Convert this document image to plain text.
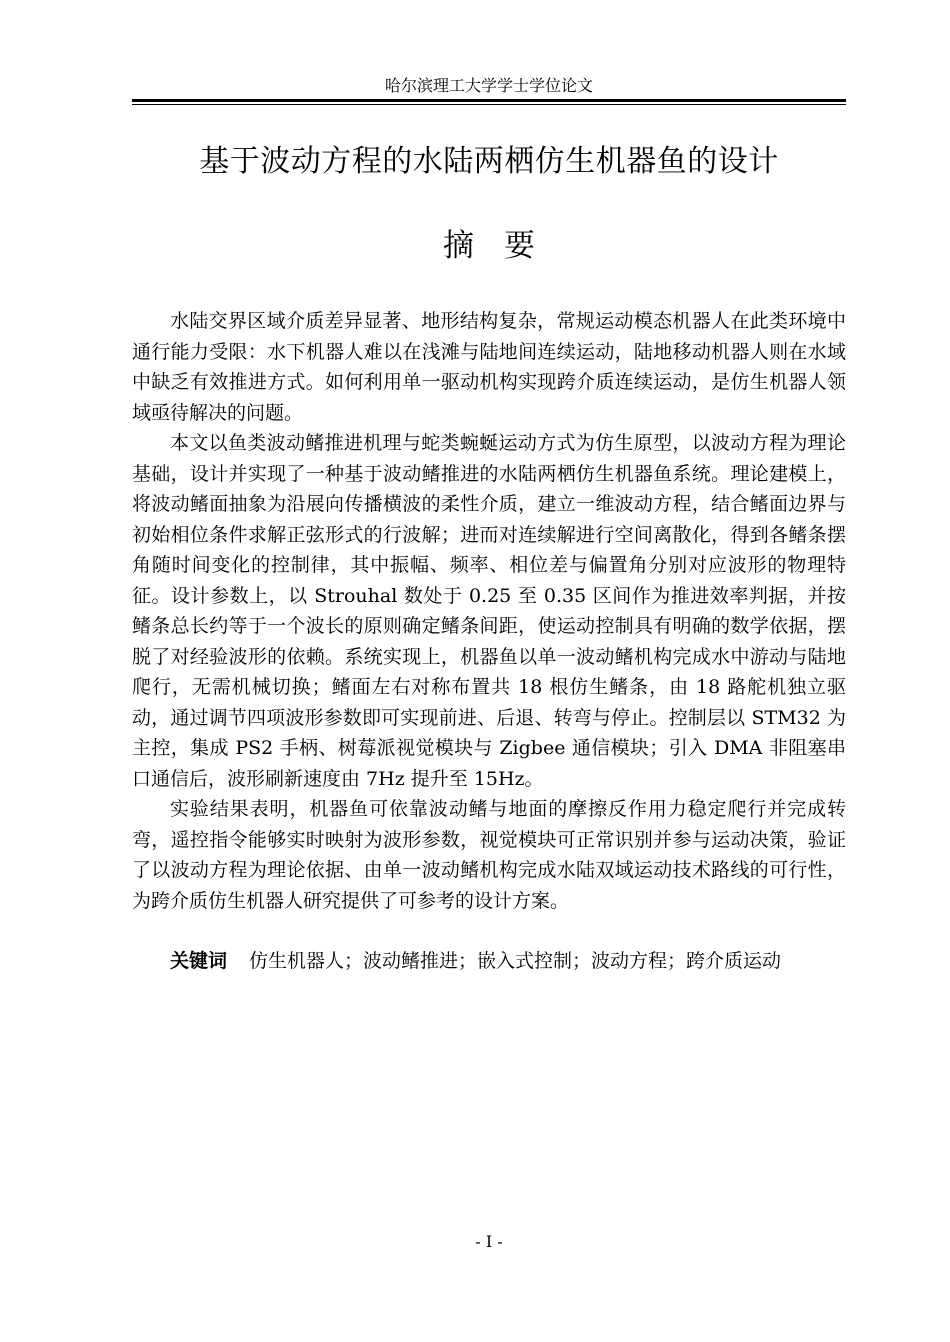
哈尔滨理工大学学士学位论文
基于波动方程的水陆两栖仿生机器鱼的设计
摘要

水陆交界区域介质差异显著、地形结构复杂，常规运动模态机器人在此类环境中通行能力受限：水下机器人难以在浅滩与陆地间连续运动，陆地移动机器人则在水域中缺乏有效推进方式。如何利用单一驱动机构实现跨介质连续运动，是仿生机器人领域亟待解决的问题。

本文以鱼类波动鳍推进机理与蛇类蜿蜒运动方式为仿生原型，以波动方程为理论基础，设计并实现了一种基于波动鳍推进的水陆两栖仿生机器鱼系统。理论建模上，将波动鳍面抽象为沿展向传播横波的柔性介质，建立一维波动方程，结合鳍面边界与初始相位条件求解正弦形式的行波解；进而对连续解进行空间离散化，得到各鳍条摆角随时间变化的控制律，其中振幅、频率、相位差与偏置角分别对应波形的物理特征。设计参数上，以 Strouhal 数处于 0.25 至 0.35 区间作为推进效率判据，并按鳍条总长约等于一个波长的原则确定鳍条间距，使运动控制具有明确的数学依据，摆脱了对经验波形的依赖。系统实现上，机器鱼以单一波动鳍机构完成水中游动与陆地爬行，无需机械切换；鳍面左右对称布置共 18 根仿生鳍条，由 18 路舵机独立驱动，通过调节四项波形参数即可实现前进、后退、转弯与停止。控制层以 STM32 为主控，集成 PS2 手柄、树莓派视觉模块与 Zigbee 通信模块；引入 DMA 非阻塞串口通信后，波形刷新速度由 7Hz 提升至 15Hz。

实验结果表明，机器鱼可依靠波动鳍与地面的摩擦反作用力稳定爬行并完成转弯，遥控指令能够实时映射为波形参数，视觉模块可正常识别并参与运动决策，验证了以波动方程为理论依据、由单一波动鳍机构完成水陆双域运动技术路线的可行性，为跨介质仿生机器人研究提供了可参考的设计方案。

关键词 仿生机器人；波动鳍推进；嵌入式控制；波动方程；跨介质运动

- I -
